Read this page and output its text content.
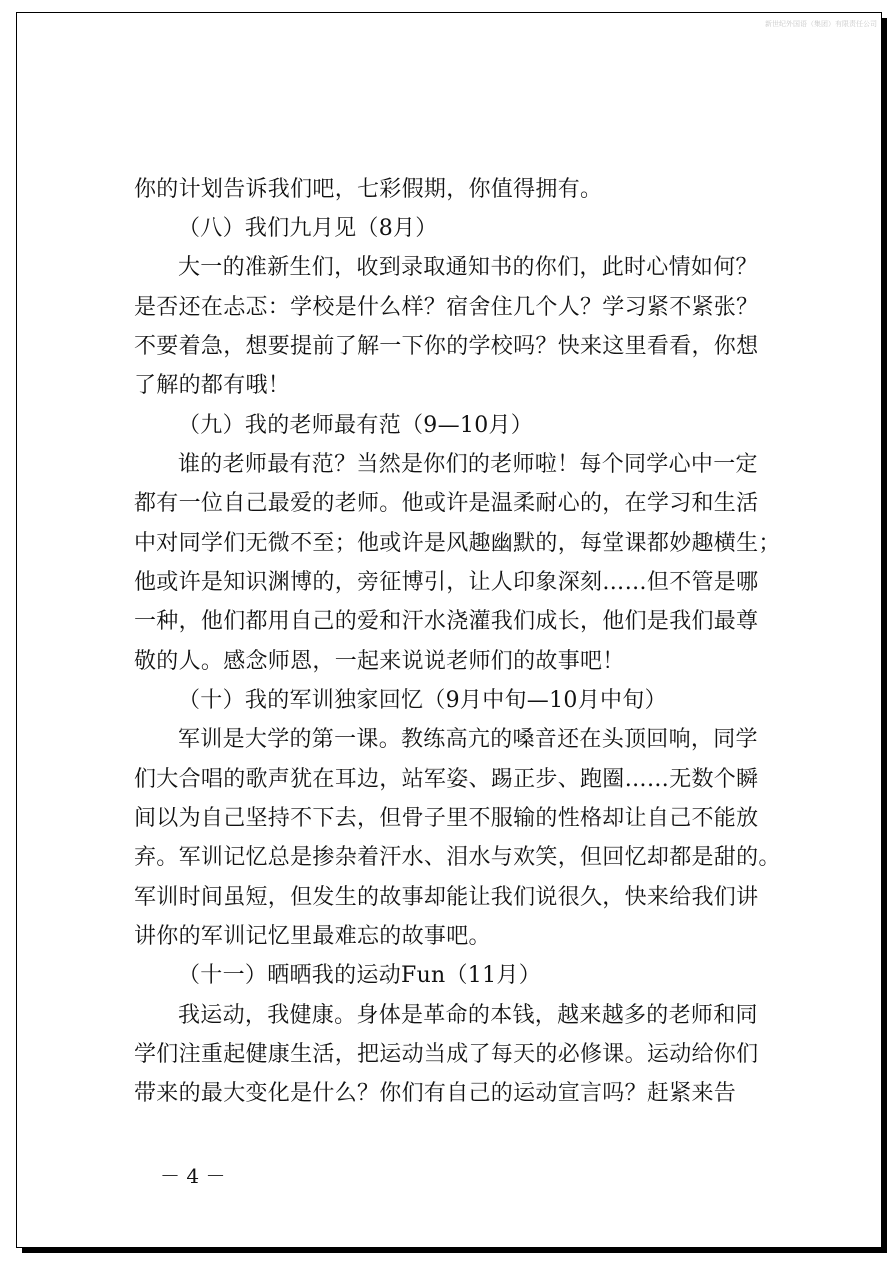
新世纪外国语（集团）有限责任公司
你的计划告诉我们吧，七彩假期，你值得拥有。
（八）我们九月见（8月）
大一的准新生们，收到录取通知书的你们，此时心情如何？
是否还在忐忑：学校是什么样？宿舍住几个人？学习紧不紧张？
不要着急，想要提前了解一下你的学校吗？快来这里看看，你想
了解的都有哦！
（九）我的老师最有范（9—10月）
谁的老师最有范？当然是你们的老师啦！每个同学心中一定
都有一位自己最爱的老师。他或许是温柔耐心的，在学习和生活
中对同学们无微不至；他或许是风趣幽默的，每堂课都妙趣横生；
他或许是知识渊博的，旁征博引，让人印象深刻……但不管是哪
一种，他们都用自己的爱和汗水浇灌我们成长，他们是我们最尊
敬的人。感念师恩，一起来说说老师们的故事吧！
（十）我的军训独家回忆（9月中旬—10月中旬）
军训是大学的第一课。教练高亢的嗓音还在头顶回响，同学
们大合唱的歌声犹在耳边，站军姿、踢正步、跑圈……无数个瞬
间以为自己坚持不下去，但骨子里不服输的性格却让自己不能放
弃。军训记忆总是掺杂着汗水、泪水与欢笑，但回忆却都是甜的。
军训时间虽短，但发生的故事却能让我们说很久，快来给我们讲
讲你的军训记忆里最难忘的故事吧。
（十一）晒晒我的运动Fun（11月）
我运动，我健康。身体是革命的本钱，越来越多的老师和同
学们注重起健康生活，把运动当成了每天的必修课。运动给你们
带来的最大变化是什么？你们有自己的运动宣言吗？赶紧来告
－ 4 －
